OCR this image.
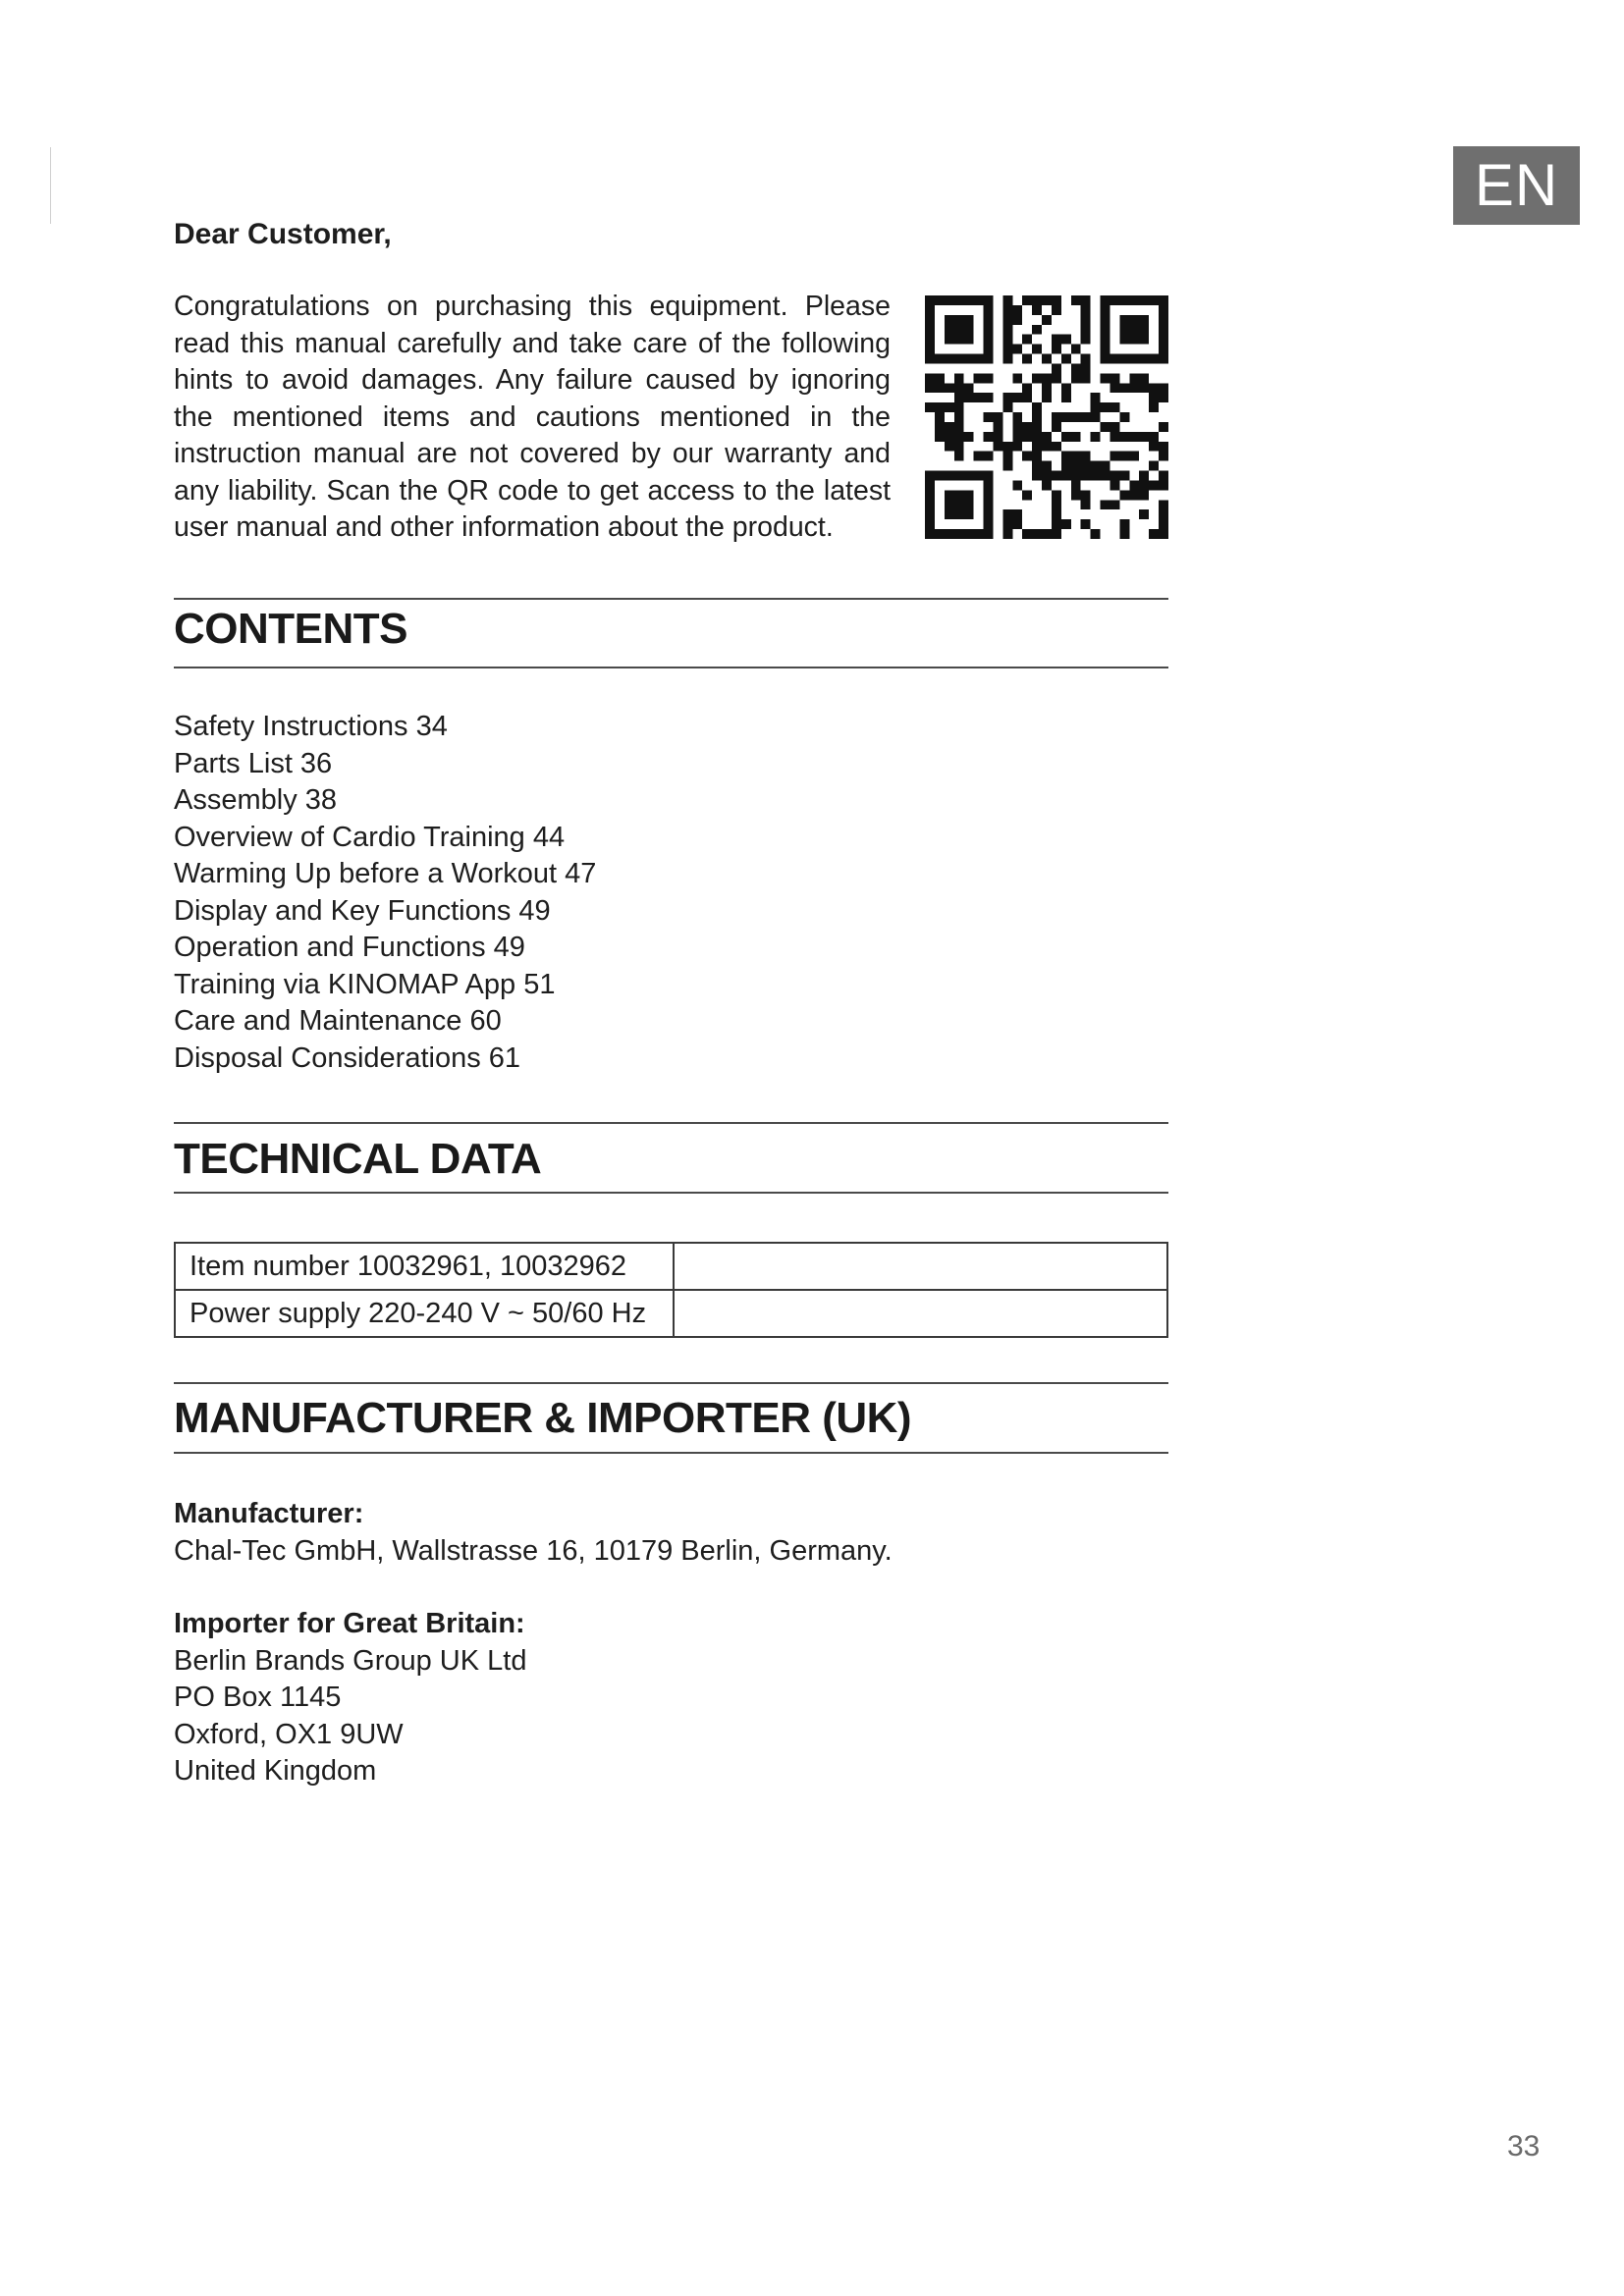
EN

Dear Customer,

Congratulations on purchasing this equipment. Please read this manual carefully and take care of the following hints to avoid damages. Any failure caused by ignoring the mentioned items and cautions mentioned in the instruction manual are not covered by our warranty and any liability. Scan the QR code to get access to the latest user manual and other information about the product.

CONTENTS
Safety Instructions 34
Parts List 36
Assembly 38
Overview of Cardio Training 44
Warming Up before a Workout 47
Display and Key Functions 49
Operation and Functions 49
Training via KINOMAP App 51
Care and Maintenance 60
Disposal Considerations 61
TECHNICAL DATA
Item number 10032961, 10032962	
Power supply 220-240 V ~ 50/60 Hz	
MANUFACTURER & IMPORTER (UK)
Manufacturer:
Chal-Tec GmbH, Wallstrasse 16, 10179 Berlin, Germany.
Importer for Great Britain:
Berlin Brands Group UK Ltd
PO Box 1145
Oxford, OX1 9UW
United Kingdom
33
